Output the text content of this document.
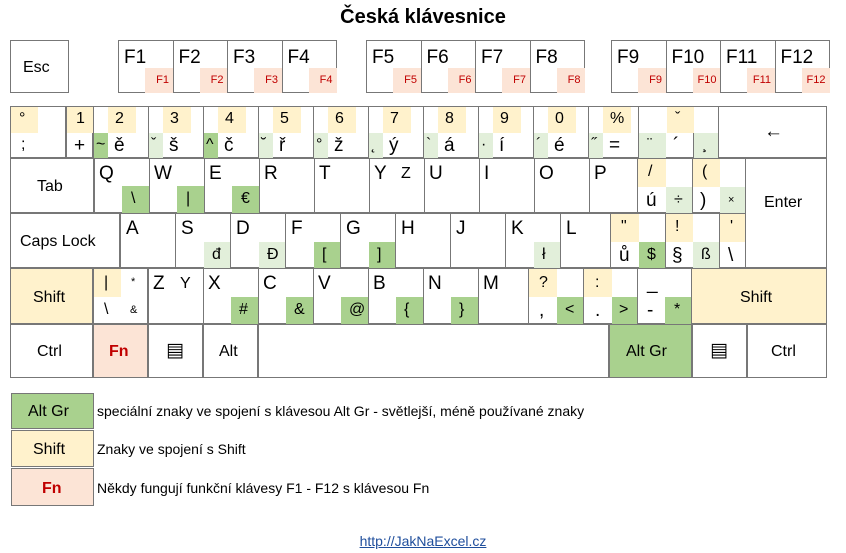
Česká klávesnice
Esc	F1
F1
F2
F2
F3
F3
F4
F4
F5
F5
F6
F6
F7
F7
F8
F8
F9
F9
F10
F10
F11
F11
F12
F12
°
;
1
+
2
ě
~
3
š
ˇ
4
č
^
5
ř
˘
6
ž
°
7
ý
˛
8
á
`
9
í
·
0
é
´
%
=
˝	¸
ˇ
¨ ´
←
Tab
Q
\
W
|
E
€
R T Y Z U I	O P	/
ú ÷
(
) ×
Caps Lock
A S
đ
D
Đ
F
[
G
]
H J K
ł
L	"
ů $
!
§ ß
'
\
Enter
Shift
|
\
*
&
Z Y X
#
C
&
V
@
B
{
N
}
M	?
, <
:
. >
_
- *
Shift
Ctrl	Fn ▤ Alt	Alt Gr ▤	Ctrl
Alt Gr speciální znaky ve spojení s klávesou Alt Gr - světlejší, méně používané znaky
Shift Znaky ve spojení s Shift
Fn	Někdy fungují funkční klávesy F1 - F12 s klávesou Fn
http://JakNaExcel.cz
